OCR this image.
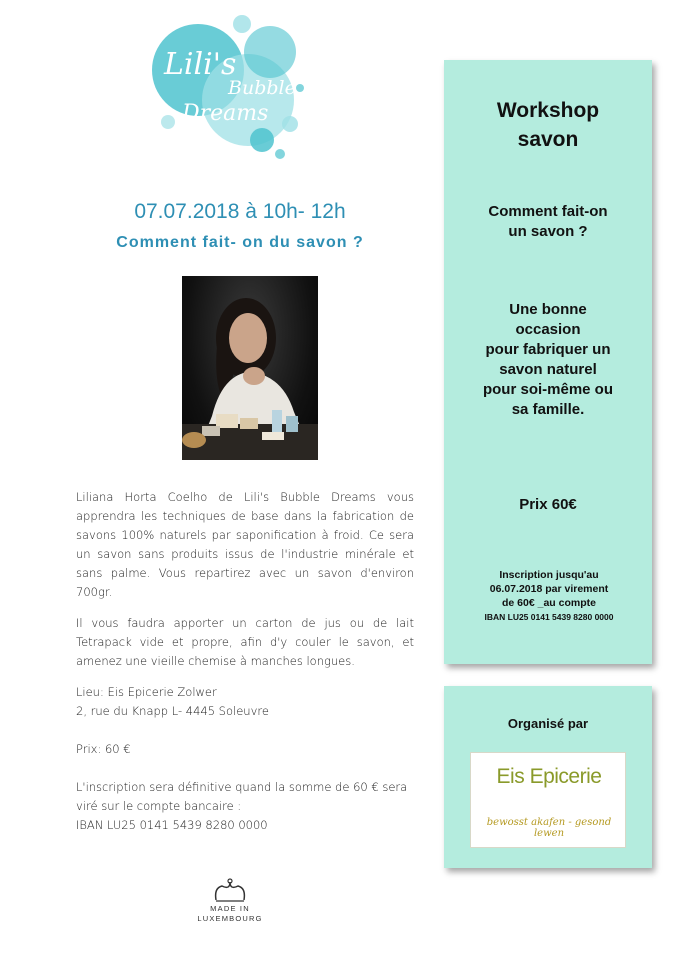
Lili's
Bubble
Dreams
07.07.2018 à 10h- 12h
Comment fait- on du savon ?

Liliana Horta Coelho de Lili's Bubble Dreams vous apprendra les techniques de base dans la fabrication de savons 100% naturels par saponification à froid. Ce sera un savon sans produits issus de l'industrie minérale et sans palme. Vous repartirez avec un savon d'environ 700gr.

Il vous faudra apporter un carton de jus ou de lait Tetrapack vide et propre, afin d'y couler le savon, et amenez une vieille chemise à manches longues.

Lieu: Eis Epicerie Zolwer

2, rue du Knapp L- 4445 Soleuvre

Prix: 60 €

L'inscription sera définitive quand la somme de 60 € sera viré sur le compte bancaire :

IBAN LU25 0141 5439 8280 0000

MADE IN
LUXEMBOURG
Workshop
savon
Comment fait-on
un savon ?
Une bonne
occasion
pour fabriquer un
savon naturel
pour soi-même ou
sa famille.
Prix 60€
Inscription jusqu'au
06.07.2018 par virement
de 60€ _au compte
IBAN LU25 0141 5439 8280 0000
Organisé par
Eis Epicerie
bewosst akafen - gesond lewen
